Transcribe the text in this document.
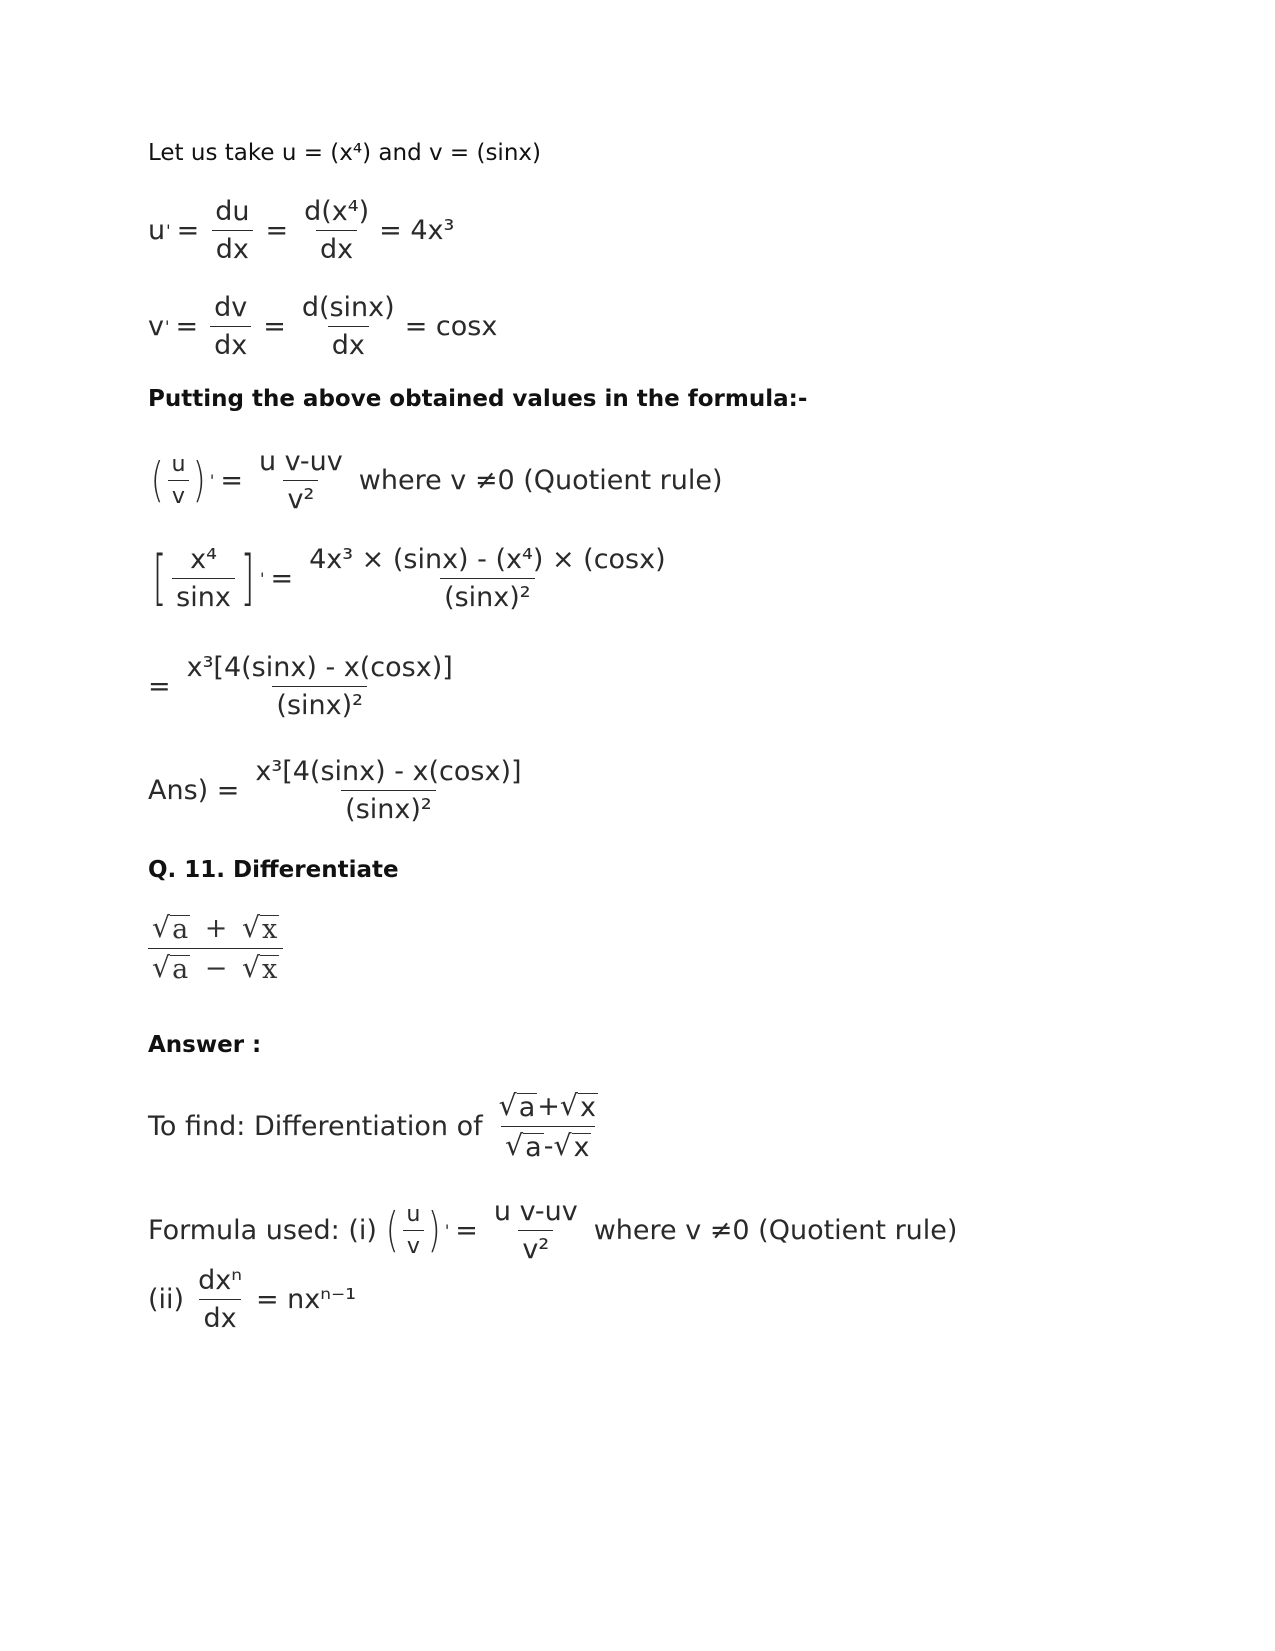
Let us take u = (x⁴) and v = (sinx)
u ' = $\frac{du}{dx} = \frac{\text{d(x⁴)}}{dx} = 4x^3$
v ' = $\frac{dv}{dx} = \frac{d(\sin x)}{dx} = \cos x$
Putting the above obtained values in the formula:-
( $\frac{u}{v}$ ) ' = $\frac{\text{u v-uv}}{\text{v²}}$ where v ≠0 (Quotient rule)
[ $\frac{\text{x⁴}}{\sin x}$ ] ' = $\frac{\text{4x³ × (sinx) - (x⁴) × (cosx)}}{\text{(sinx)²}}$
= $\frac{\text{x³[4(sinx) - x(cosx)]}}{\text{(sinx)²}}$
$Ans) = \frac{\text{x³[4(sinx) - x(cosx)]}}{\text{(sinx)²}}$
Q. 11. Differentiate
$\frac{√ a + √ x}{√ a - √ x}$
Answer :
To find: Differentiation of $\frac{√ a + √ x}{√ a - √ x}$
Formula used: (i) ( $\frac{u}{v}$ ) ' = $\frac{\text{u v-uv}}{\text{v²}}$ where v ≠0 (Quotient rule)
$(ii) \frac{\text{dxⁿ}}{dx} = nx^{n-1}$
